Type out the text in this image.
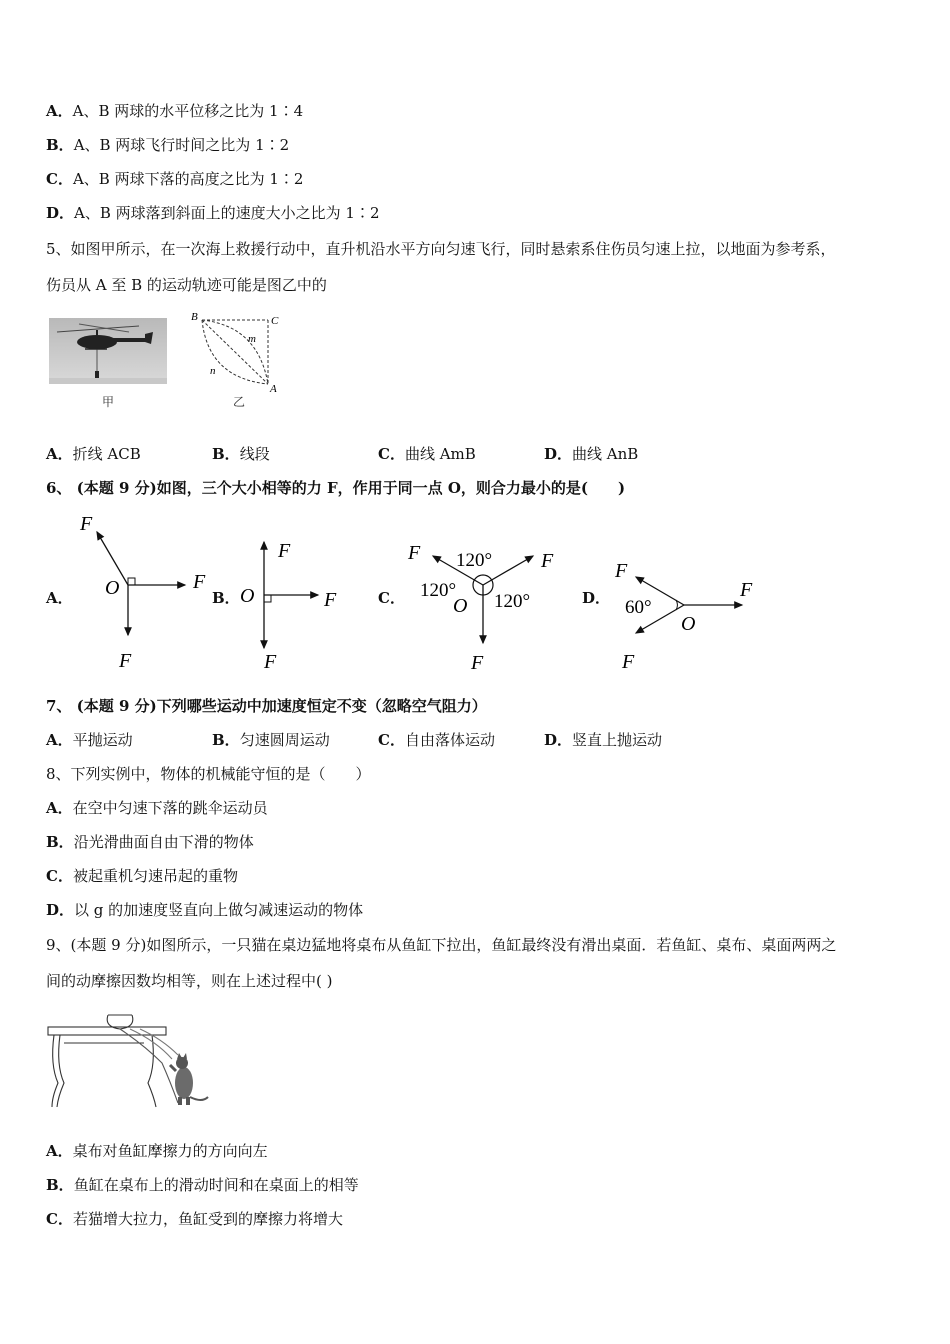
A．A、B 两球的水平位移之比为 1∶4
B．A、B 两球飞行时间之比为 1∶2
C．A、B 两球下落的高度之比为 1∶2
D．A、B 两球落到斜面上的速度大小之比为 1∶2
5、如图甲所示，在一次海上救援行动中，直升机沿水平方向匀速飞行，同时悬索系住伤员匀速上拉，以地面为参考系，
伤员从 A 至 B 的运动轨迹可能是图乙中的
甲
B	C
A
m
n
乙
A．折线 ACB	B．线段	C．曲线 AmB	D．曲线 AnB
6、 (本题 9 分)如图，三个大小相等的力 F，作用于同一点 O，则合力最小的是(　　)
A．	B．	C．	D．
O
F
F
F
O
F
F
F
F	F
F
120°
120°
120°
O
F
F
F
60°
O
7、 (本题 9 分)下列哪些运动中加速度恒定不变（忽略空气阻力）
A．平抛运动	B．匀速圆周运动	C．自由落体运动	D．竖直上抛运动
8、下列实例中，物体的机械能守恒的是（　　）
A．在空中匀速下落的跳伞运动员
B．沿光滑曲面自由下滑的物体
C．被起重机匀速吊起的重物
D．以 g 的加速度竖直向上做匀减速运动的物体
9、(本题 9 分)如图所示，一只猫在桌边猛地将桌布从鱼缸下拉出，鱼缸最终没有滑出桌面．若鱼缸、桌布、桌面两两之
间的动摩擦因数均相等，则在上述过程中( )
A．桌布对鱼缸摩擦力的方向向左
B．鱼缸在桌布上的滑动时间和在桌面上的相等
C．若猫增大拉力，鱼缸受到的摩擦力将增大
